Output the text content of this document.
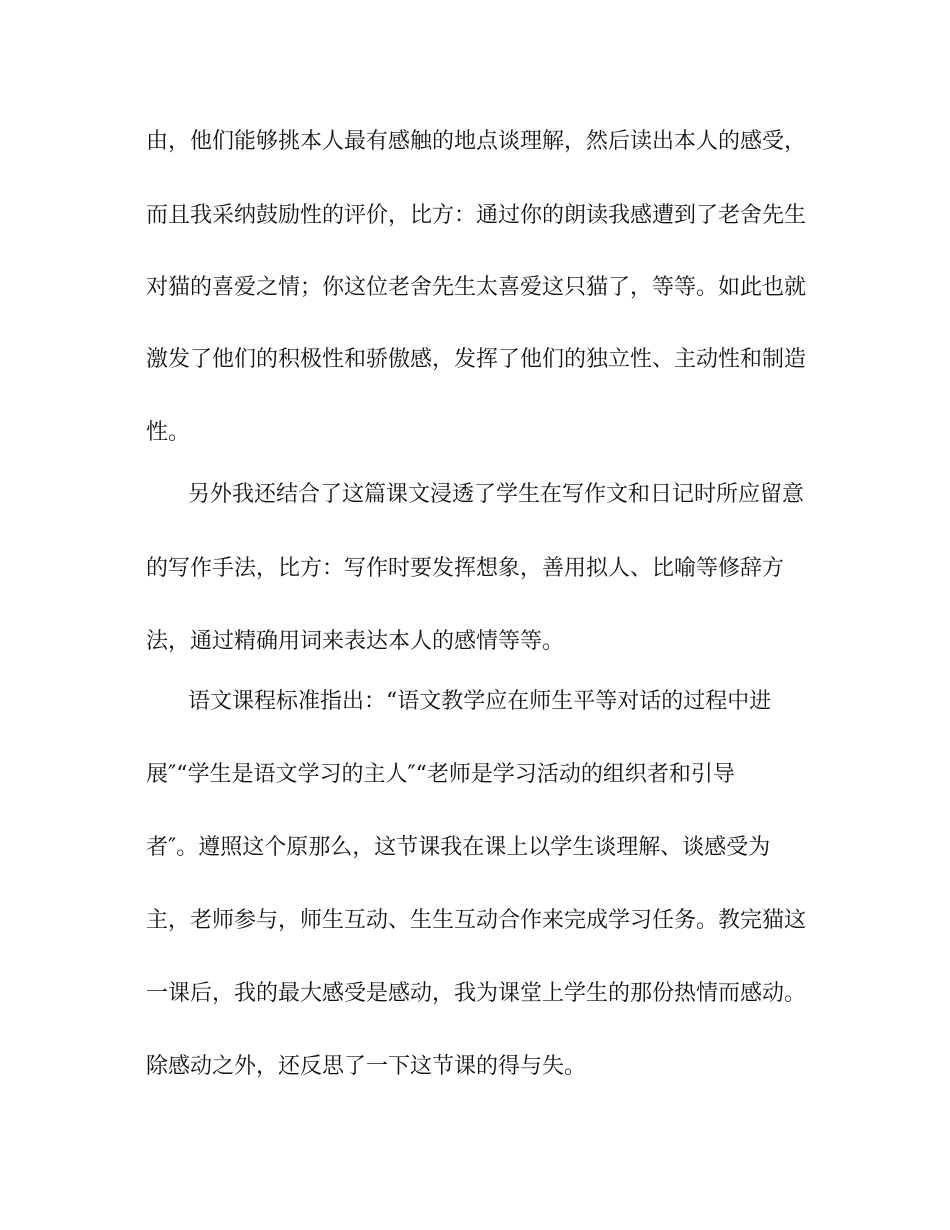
由，他们能够挑本人最有感触的地点谈理解，然后读出本人的感受，

而且我采纳鼓励性的评价，比方：通过你的朗读我感遭到了老舍先生

对猫的喜爱之情；你这位老舍先生太喜爱这只猫了，等等。如此也就

激发了他们的积极性和骄傲感，发挥了他们的独立性、主动性和制造

性。

另外我还结合了这篇课文浸透了学生在写作文和日记时所应留意

的写作手法，比方：写作时要发挥想象，善用拟人、比喻等修辞方

法，通过精确用词来表达本人的感情等等。

语文课程标准指出：“语文教学应在师生平等对话的过程中进

展″“学生是语文学习的主人″“老师是学习活动的组织者和引导

者″。遵照这个原那么，这节课我在课上以学生谈理解、谈感受为

主，老师参与，师生互动、生生互动合作来完成学习任务。教完猫这

一课后，我的最大感受是感动，我为课堂上学生的那份热情而感动。

除感动之外，还反思了一下这节课的得与失。
